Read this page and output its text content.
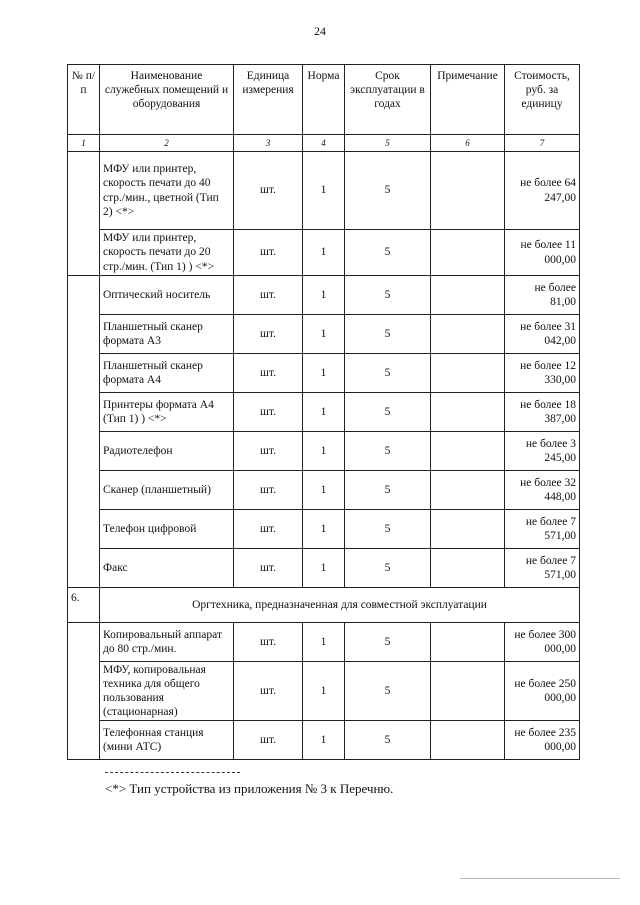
24
№ п/п	Наименование служебных помещений и оборудования	Единица измерения	Норма	Срок эксплуатации в годах	Примечание	Стоимость, руб. за единицу
1	2	3	4	5	6	7
	МФУ или принтер, скорость печати до 40 стр./мин., цветной (Тип 2) <*>	шт.	1	5		не более 64 247,00
	МФУ или принтер, скорость печати до 20 стр./мин. (Тип 1) ) <*>	шт.	1	5		не более 11 000,00
	Оптический носитель	шт.	1	5		не более 81,00
	Планшетный сканер формата А3	шт.	1	5		не более 31 042,00
	Планшетный сканер формата А4	шт.	1	5		не более 12 330,00
	Принтеры формата А4 (Тип 1) ) <*>	шт.	1	5		не более 18 387,00
	Радиотелефон	шт.	1	5		не более 3 245,00
	Сканер (планшетный)	шт.	1	5		не более 32 448,00
	Телефон цифровой	шт.	1	5		не более 7 571,00
	Факс	шт.	1	5		не более 7 571,00
6.	Оргтехника, предназначенная для совместной эксплуатации					
	Копировальный аппарат до 80 стр./мин.	шт.	1	5		не более 300 000,00
	МФУ, копировальная техника для общего пользования (стационарная)	шт.	1	5		не более 250 000,00
	Телефонная станция (мини АТС)	шт.	1	5		не более 235 000,00
<*> Тип устройства из приложения № 3 к Перечню.
